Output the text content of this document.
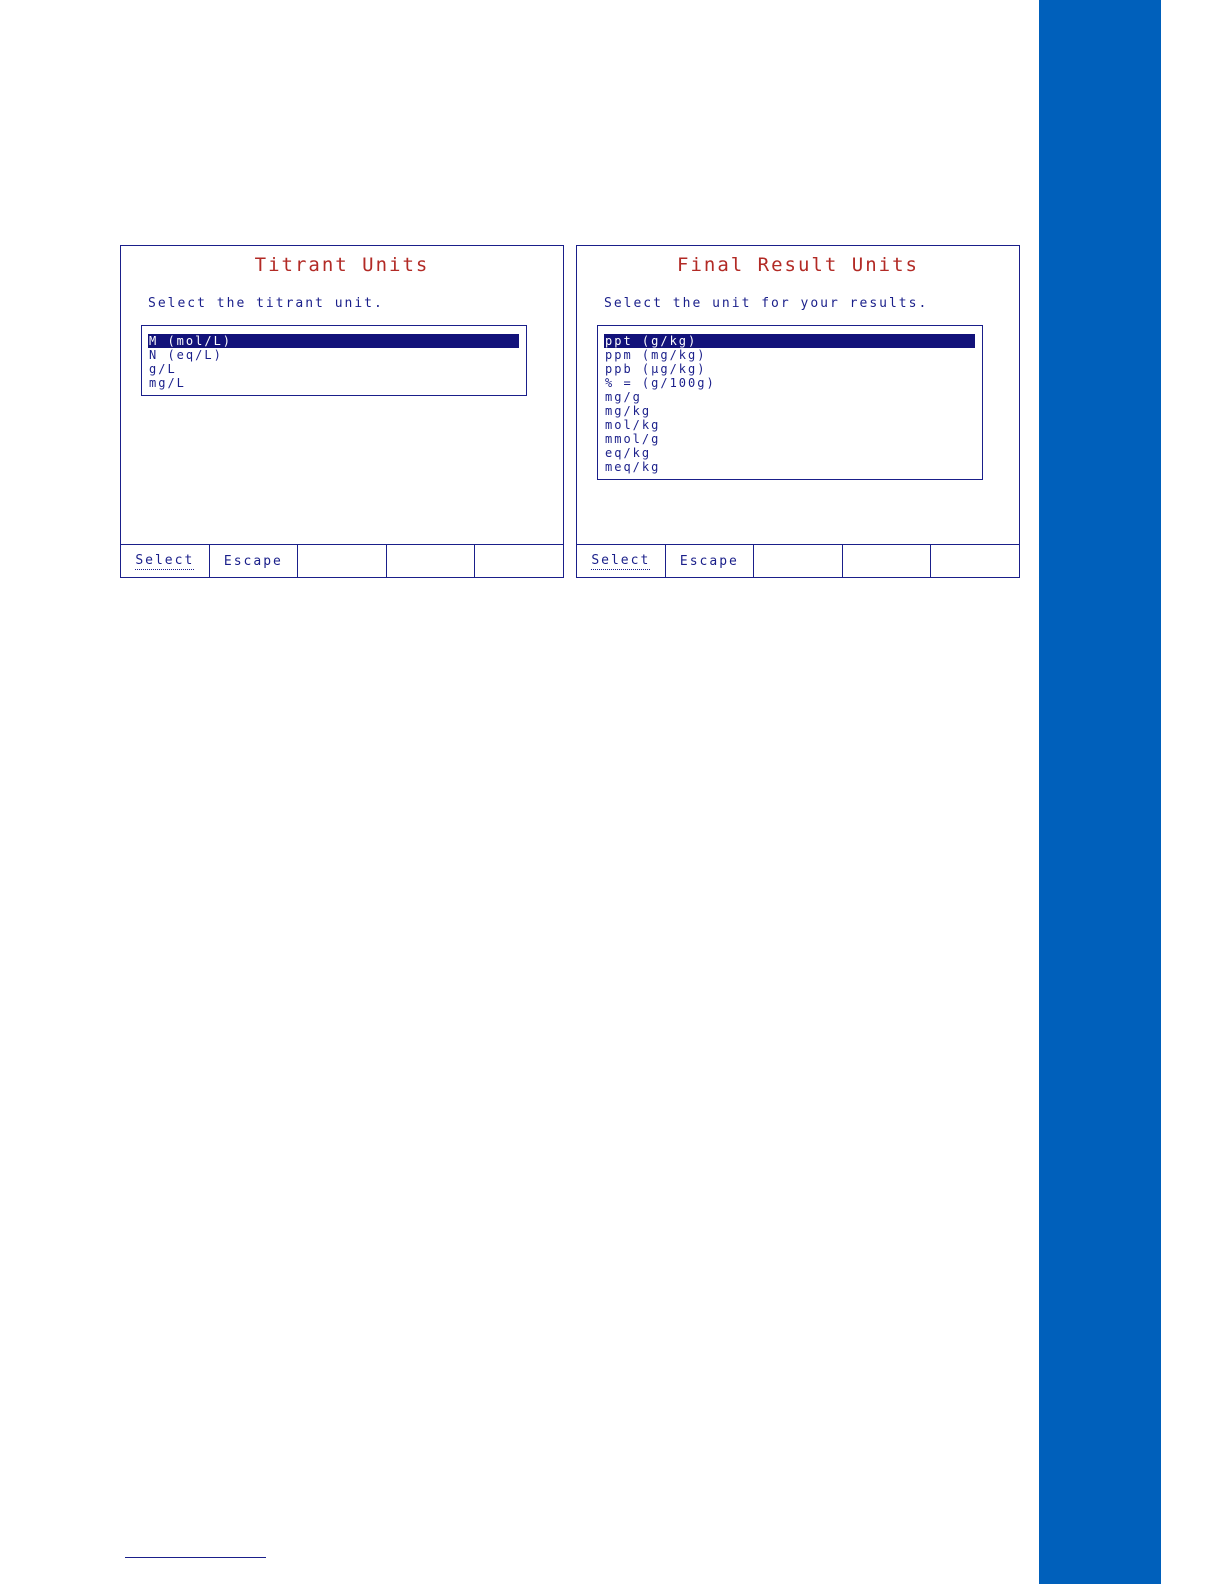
Titrant Units
Select the titrant unit.
M (mol/L)
N (eq/L)
g/L
mg/L
Select Escape
Final Result Units
Select the unit for your results.
ppt (g/kg)
ppm (mg/kg)
ppb (µg/kg)
% = (g/100g)
mg/g
mg/kg
mol/kg
mmol/g
eq/kg
meq/kg
Select Escape
